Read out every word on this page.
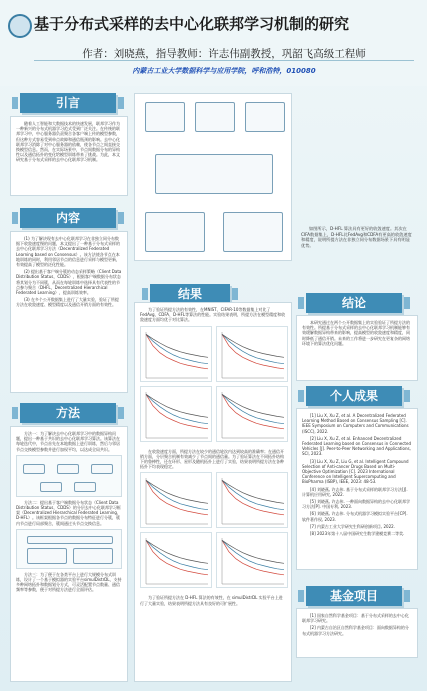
基于分布式采样的去中心化联邦学习机制的研究
作者：刘晓燕，指导教师：许志伟副教授，巩韶飞高级工程师
内蒙古工业大学数据科学与应用学院，呼和浩特，010080
引言

随着人工智能和大数据技术的快速发展，联邦学习作为一种新兴的分布式机器学习范式受到广泛关注。在传统的联邦学习中，中心服务器负责聚合各客户端上传的模型参数，但这种方式容易受到单点故障和通信瓶颈的影响。去中心化联邦学习消除了对中心服务器的依赖，使各节点之间直接交换模型信息。然而，在实际场景中，节点间数据分布的异构性以及通信拓扑的变化给模型训练带来了挑战。为此，本文研究基于分布式采样的去中心化联邦学习机制。

内容

(1) 为了解决现有去中心化联邦学习在非独立同分布数据下收敛速度慢的问题，本文提出了一种基于分布式采样的去中心化联邦学习方法（Decentralized Federated Learning based on Consensus）。该方法使各节点在本地训练的同时，利用邻居节点的信息进行采样与模型更新，有效提高了模型的泛化性能。

(2) 提出基于客户端分簇的动态采样策略（Client Data Distribution Status，CDDS），根据客户端数据分布状态将其划分为不同簇，从而在每轮训练中选择具有代表性的节点参与聚合（DHFL，Decentralized Hierarchical Federated Learning），提高训练效率。

(3) 在多个公开数据集上进行了大量实验，验证了所提方法在收敛速度、模型精度以及通信开销方面的有效性。

方法

方法一：为了解决去中心化联邦学习中的数据异构问题，提出一种基于共识的去中心化联邦学习算法。该算法在每轮迭代中，节点首先在本地数据上进行训练，然后与邻居节点交换模型参数并进行加权平均，以达成全局共识。

方法二：提出基于客户端数据分布状态（Client Data Distribution Status，CDDS）的分层去中心化联邦学习框架（Decentralized Hierarchical Federated Learning，D-HFL）。该框架根据各节点的数据分布特征进行分簇，簇内节点进行局部聚合，簇间通过头节点交换信息。

方法三：为了便于在各类平台上进行大规模分布式训练，设计了一个基于模拟器的实验平台simulDistrDL，支持多种网络拓扑和数据划分方式，可灵活配置节点数量、通信频率等参数，便于对所提方法进行全面评估。

如图所示，D-HFL 算法具有更好的收敛速度。其次在CIFA数据集上，D-HFL比FedAvg和CDFA有更高的收敛速度和精度，说明所提方法在非独立同分布数据场景下具有明显优势。

结果

为了验证所提方法的有效性，在MNIST、CIFAR-10等数据集上对比了FedAvg、CDFA、D-HFL等算法的性能。实验结果表明，所提方法在模型精度和收敛速度方面均优于对比算法。

在收敛速度方面，所提方法在较少的通信轮次内达到较高的准确率；在通信开销方面，分层聚合机制有效减少了节点间的通信量。为了验证算法在不同拓扑结构下的鲁棒性，还在环形、星形及随机拓扑上进行了实验，结果表明所提方法在各种拓扑下均表现稳定。

为了验证所提方法在 D-HFL 算法的有效性，在 simulDistrDL 实验平台上进行了大量实验，结果表明所提方法具有良好的可扩展性。

结论

本研究通过在两个公开数据集上的实验验证了所提方法的有效性。所提基于分布式采样的去中心化联邦学习机制能够有效缓解数据异构带来的影响，提高模型的收敛速度和精度，同时降低了通信开销。未来的工作将进一步研究在更复杂的网络环境下的算法优化问题。

个人成果

[1] Liu X, Xu Z, et al. A Decentralized Federated Learning Method Based on Consensus Sampling [C]. IEEE Symposium on Computers and Communications (ISCC), 2022.

[2] Liu X, Xu Z, et al. Enhanced Decentralized Federated Learning based on Consensus in Connected Vehicles [J]. Peer-to-Peer Networking and Applications, SCI, 2023.

[3] Liu X, Xu Z, Liu G, et al. Intelligent Compound Selection of Anti-cancer Drugs Based on Multi-Objective Optimization [C]. 2023 International Conference on Intelligent Supercomputing and BioPharma (ISBP), IEEE, 2023: 48-53.

[4] 刘晓燕, 许志伟. 基于分布式采样的联邦学习方法[J]. 计算机应用研究, 2022.

[5] 刘晓燕, 许志伟. 一种面向数据异构的去中心化联邦学习方法[P]. 中国专利, 2023.

[6] 刘晓燕, 许志伟. 分布式机器学习模拟实验平台[CP]. 软件著作权, 2023.

[7] 内蒙古工业大学研究生科研创新项目, 2022.

[8] 2023年第十八届中国研究生数学建模竞赛二等奖.

基金项目

[1] 国家自然科学基金项目：基于分布式采样的去中心化联邦学习研究。

[2] 内蒙古自治区自然科学基金项目：面向数据异构的分布式机器学习方法研究。
